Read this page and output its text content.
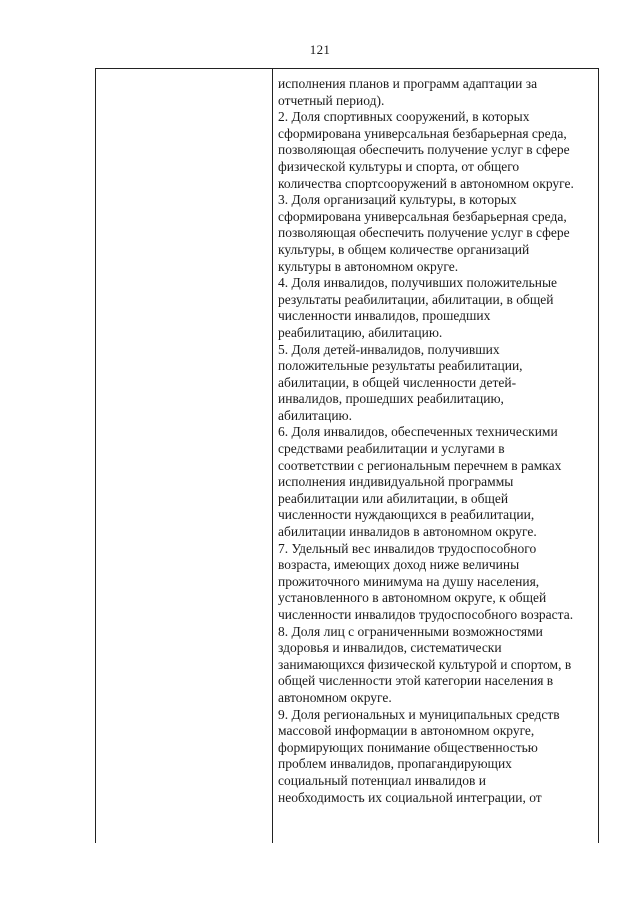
121

исполнения планов и программ адаптации за
отчетный период).

2. Доля спортивных сооружений, в которых
сформирована универсальная безбарьерная среда,
позволяющая обеспечить получение услуг в сфере
физической культуры и спорта, от общего
количества спортсооружений в автономном округе.

3. Доля организаций культуры, в которых
сформирована универсальная безбарьерная среда,
позволяющая обеспечить получение услуг в сфере
культуры, в общем количестве организаций
культуры в автономном округе.

4. Доля инвалидов, получивших положительные
результаты реабилитации, абилитации, в общей
численности инвалидов, прошедших
реабилитацию, абилитацию.

5. Доля детей-инвалидов, получивших
положительные результаты реабилитации,
абилитации, в общей численности детей-
инвалидов, прошедших реабилитацию,
абилитацию.

6. Доля инвалидов, обеспеченных техническими
средствами реабилитации и услугами в
соответствии с региональным перечнем в рамках
исполнения индивидуальной программы
реабилитации или абилитации, в общей
численности нуждающихся в реабилитации,
абилитации инвалидов в автономном округе.

7. Удельный вес инвалидов трудоспособного
возраста, имеющих доход ниже величины
прожиточного минимума на душу населения,
установленного в автономном округе, к общей
численности инвалидов трудоспособного возраста.

8. Доля лиц с ограниченными возможностями
здоровья и инвалидов, систематически
занимающихся физической культурой и спортом, в
общей численности этой категории населения в
автономном округе.

9. Доля региональных и муниципальных средств
массовой информации в автономном округе,
формирующих понимание общественностью
проблем инвалидов, пропагандирующих
социальный потенциал инвалидов и
необходимость их социальной интеграции, от
